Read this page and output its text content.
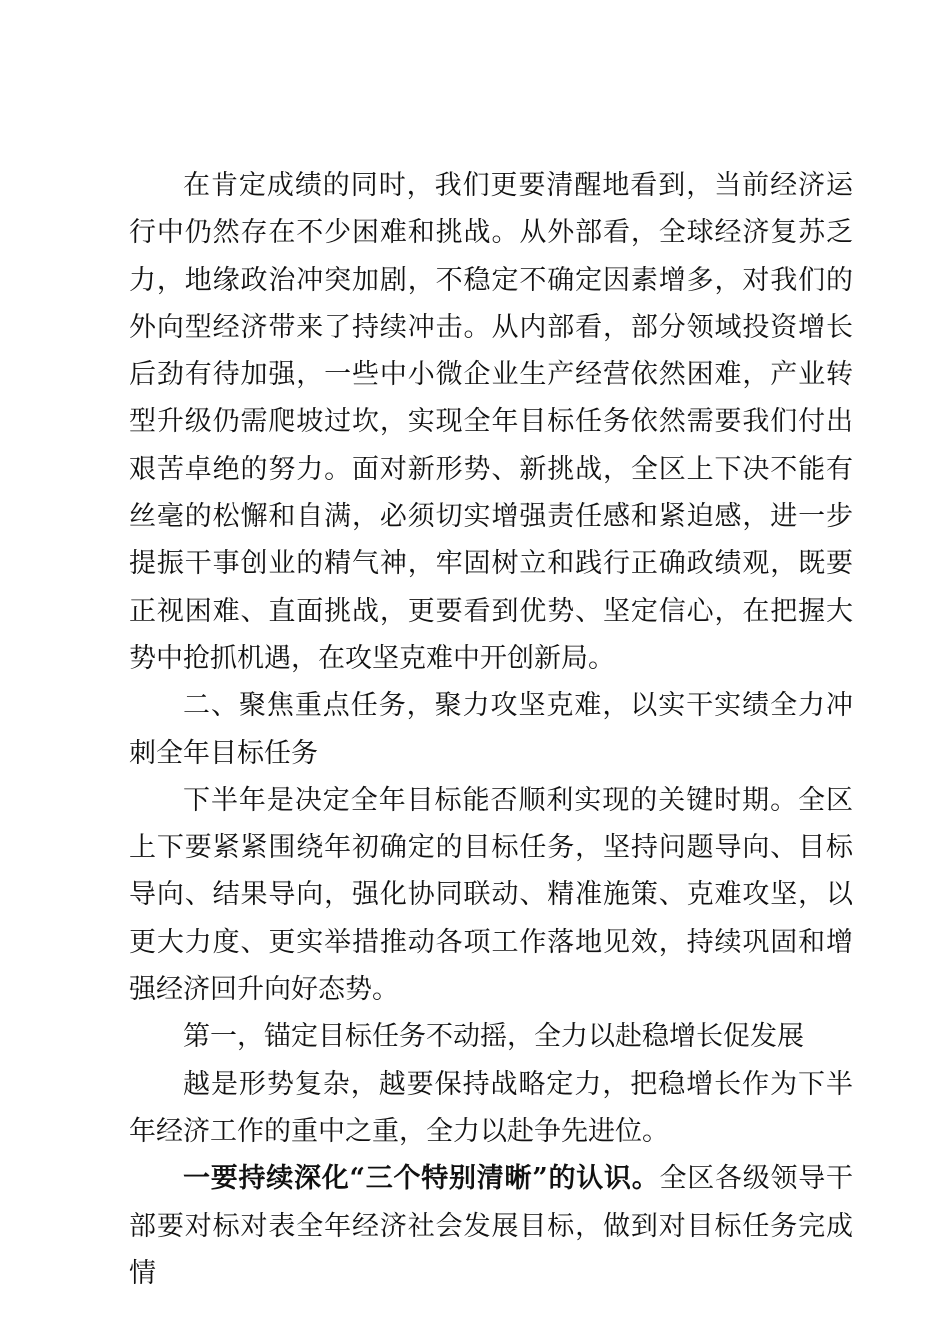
在肯定成绩的同时，我们更要清醒地看到，当前经济运行中仍然存在不少困难和挑战。从外部看，全球经济复苏乏力，地缘政治冲突加剧，不稳定不确定因素增多，对我们的外向型经济带来了持续冲击。从内部看，部分领域投资增长后劲有待加强，一些中小微企业生产经营依然困难，产业转型升级仍需爬坡过坎，实现全年目标任务依然需要我们付出艰苦卓绝的努力。面对新形势、新挑战，全区上下决不能有丝毫的松懈和自满，必须切实增强责任感和紧迫感，进一步提振干事创业的精气神，牢固树立和践行正确政绩观，既要正视困难、直面挑战，更要看到优势、坚定信心，在把握大势中抢抓机遇，在攻坚克难中开创新局。

二、聚焦重点任务，聚力攻坚克难，以实干实绩全力冲刺全年目标任务

下半年是决定全年目标能否顺利实现的关键时期。全区上下要紧紧围绕年初确定的目标任务，坚持问题导向、目标导向、结果导向，强化协同联动、精准施策、克难攻坚，以更大力度、更实举措推动各项工作落地见效，持续巩固和增强经济回升向好态势。

第一，锚定目标任务不动摇，全力以赴稳增长促发展

越是形势复杂，越要保持战略定力，把稳增长作为下半年经济工作的重中之重，全力以赴争先进位。

一要持续深化“三个特别清晰”的认识。全区各级领导干部要对标对表全年经济社会发展目标，做到对目标任务完成情
